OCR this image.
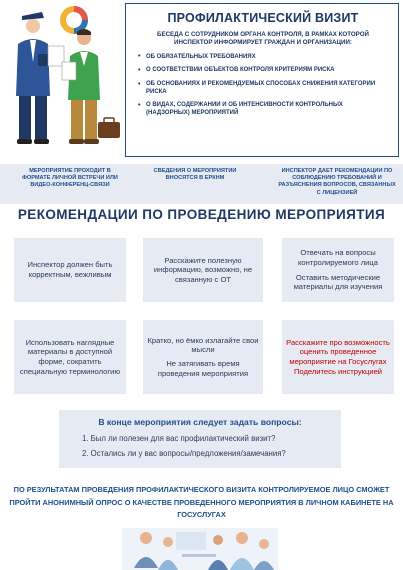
ПРОФИЛАКТИЧЕСКИЙ ВИЗИТ

БЕСЕДА С СОТРУДНИКОМ ОРГАНА КОНТРОЛЯ, В РАМКАХ КОТОРОЙ ИНСПЕКТОР ИНФОРМИРУЕТ ГРАЖДАН И ОРГАНИЗАЦИИ:

• ОБ ОБЯЗАТЕЛЬНЫХ ТРЕБОВАНИЯХ
• О СООТВЕТСТВИИ ОБЪЕКТОВ КОНТРОЛЯ КРИТЕРИЯМ РИСКА
• ОБ ОСНОВАНИЯХ И РЕКОМЕНДУЕМЫХ СПОСОБАХ СНИЖЕНИЯ КАТЕГОРИИ РИСКА
• О ВИДАХ, СОДЕРЖАНИИ И ОБ ИНТЕНСИВНОСТИ КОНТРОЛЬНЫХ (НАДЗОРНЫХ) МЕРОПРИЯТИЙ
МЕРОПРИЯТИЕ ПРОХОДИТ В ФОРМАТЕ ЛИЧНОЙ ВСТРЕЧИ ИЛИ ВИДЕО-КОНФЕРЕНЦ-СВЯЗИ
СВЕДЕНИЯ О МЕРОПРИЯТИИ ВНОСЯТСЯ В ЕРКНМ
ИНСПЕКТОР ДАЕТ РЕКОМЕНДАЦИИ ПО СОБЛЮДЕНИЮ ТРЕБОВАНИЙ И РАЗЪЯСНЕНИЯ ВОПРОСОВ, СВЯЗАННЫХ С ЛИЦЕНЗИЕЙ
РЕКОМЕНДАЦИИ ПО ПРОВЕДЕНИЮ МЕРОПРИЯТИЯ

Инспектор должен быть корректным, вежливым

Расскажите полезную информацию, возможно, не связанную с ОТ

Отвечать на вопросы контролируемого лица

Оставить методические материалы для изучения

Использовать наглядные материалы в доступной форме, сократить специальную терминологию

Кратко, но ёмко излагайте свои мысли

Не затягивать время проведения мероприятия

Расскажите про возможность оценить проведенное мероприятие на Госуслугах

Поделитесь инструкцией

В конце мероприятия следует задать вопросы:
1. Был ли полезен для вас профилактический визит?
2. Остались ли у вас вопросы/предложения/замечания?
ПО РЕЗУЛЬТАТАМ ПРОВЕДЕНИЯ ПРОФИЛАКТИЧЕСКОГО ВИЗИТА КОНТРОЛИРУЕМОЕ ЛИЦО СМОЖЕТ ПРОЙТИ АНОНИМНЫЙ ОПРОС О КАЧЕСТВЕ ПРОВЕДЕННОГО МЕРОПРИЯТИЯ В ЛИЧНОМ КАБИНЕТЕ НА ГОСУСЛУГАХ
